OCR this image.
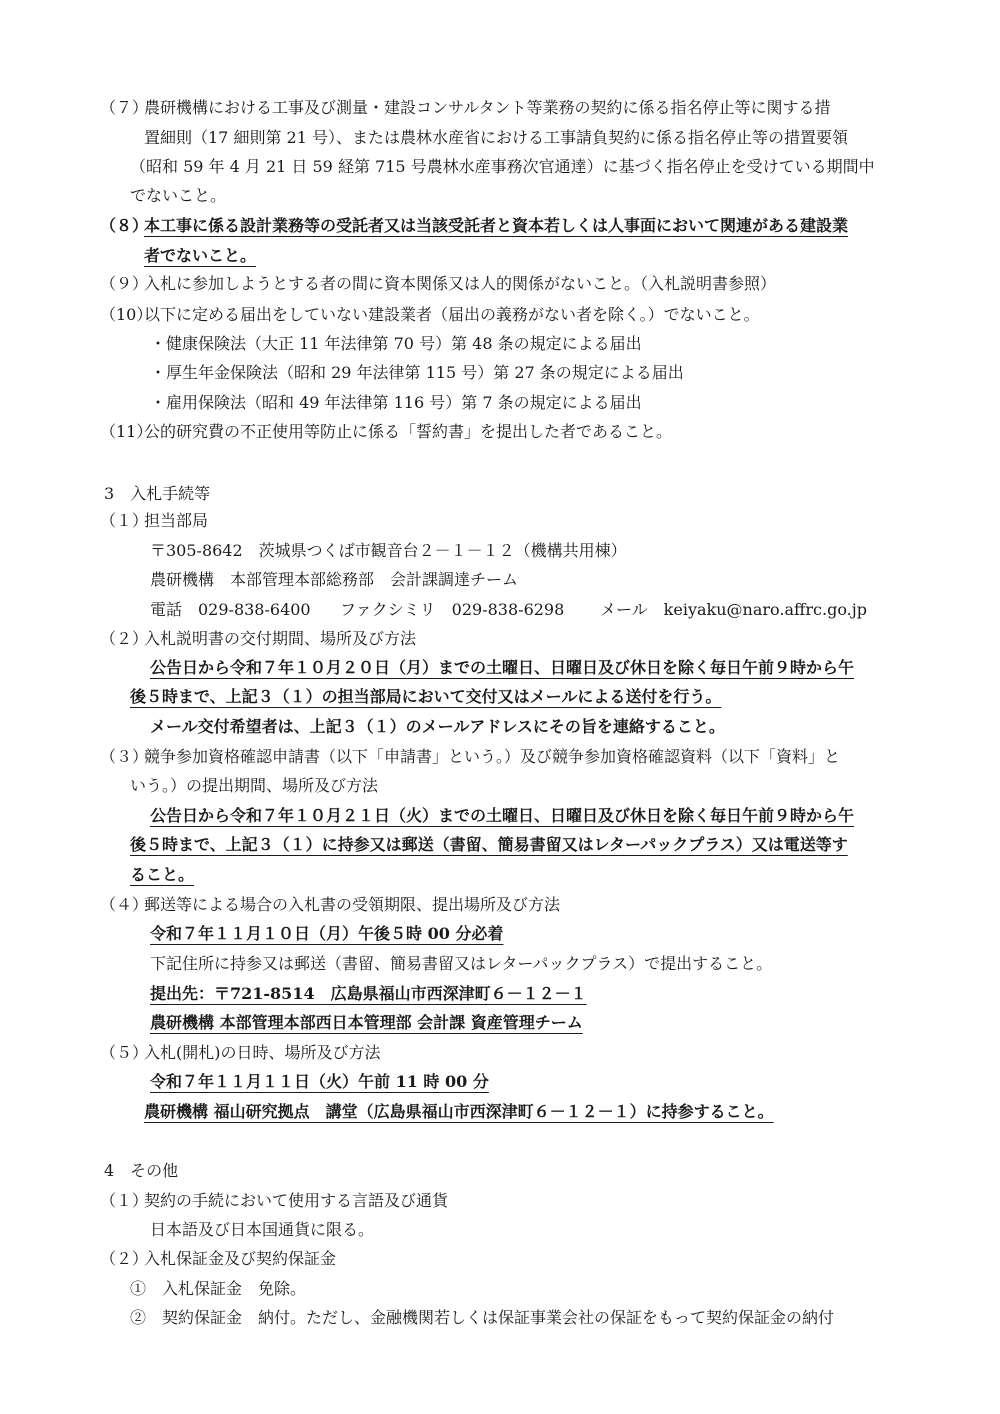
（７）農研機構における工事及び測量・建設コンサルタント等業務の契約に係る指名停止等に関する措
置細則（17 細則第 21 号）、または農林水産省における工事請負契約に係る指名停止等の措置要領
（昭和 59 年 4 月 21 日 59 経第 715 号農林水産事務次官通達）に基づく指名停止を受けている期間中
でないこと。
（８）本工事に係る設計業務等の受託者又は当該受託者と資本若しくは人事面において関連がある建設業
者でないこと。
（９）入札に参加しようとする者の間に資本関係又は人的関係がないこと。（入札説明書参照）
（10）以下に定める届出をしていない建設業者（届出の義務がない者を除く。）でないこと。
・健康保険法（大正 11 年法律第 70 号）第 48 条の規定による届出
・厚生年金保険法（昭和 29 年法律第 115 号）第 27 条の規定による届出
・雇用保険法（昭和 49 年法律第 116 号）第 7 条の規定による届出
（11）公的研究費の不正使用等防止に係る「誓約書」を提出した者であること。
3　入札手続等
（１）担当部局
〒305-8642　茨城県つくば市観音台２－１－１２（機構共用棟）
農研機構　本部管理本部総務部　会計課調達チーム
電話　029-838-6400 ファクシミリ　029-838-6298 メール　keiyaku@naro.affrc.go.jp
（２）入札説明書の交付期間、場所及び方法
公告日から令和７年１０月２０日（月）までの土曜日、日曜日及び休日を除く毎日午前９時から午
後５時まで、上記３（１）の担当部局において交付又はメールによる送付を行う。
メール交付希望者は、上記３（１）のメールアドレスにその旨を連絡すること。
（３）競争参加資格確認申請書（以下「申請書」という。）及び競争参加資格確認資料（以下「資料」と
いう。）の提出期間、場所及び方法
公告日から令和７年１０月２１日（火）までの土曜日、日曜日及び休日を除く毎日午前９時から午
後５時まで、上記３（１）に持参又は郵送（書留、簡易書留又はレターパックプラス）又は電送等す
ること。
（４）郵送等による場合の入札書の受領期限、提出場所及び方法
令和７年１１月１０日（月）午後５時 00 分必着
下記住所に持参又は郵送（書留、簡易書留又はレターパックプラス）で提出すること。
提出先：〒721-8514　広島県福山市西深津町６－１２－１
農研機構 本部管理本部西日本管理部 会計課 資産管理チーム
（５）入札(開札)の日時、場所及び方法
令和７年１１月１１日（火）午前 11 時 00 分
農研機構 福山研究拠点　講堂（広島県福山市西深津町６－１２－１）に持参すること。
4　その他
（１）契約の手続において使用する言語及び通貨
日本語及び日本国通貨に限る。
（２）入札保証金及び契約保証金
①　入札保証金　免除。
②　契約保証金　納付。ただし、金融機関若しくは保証事業会社の保証をもって契約保証金の納付
